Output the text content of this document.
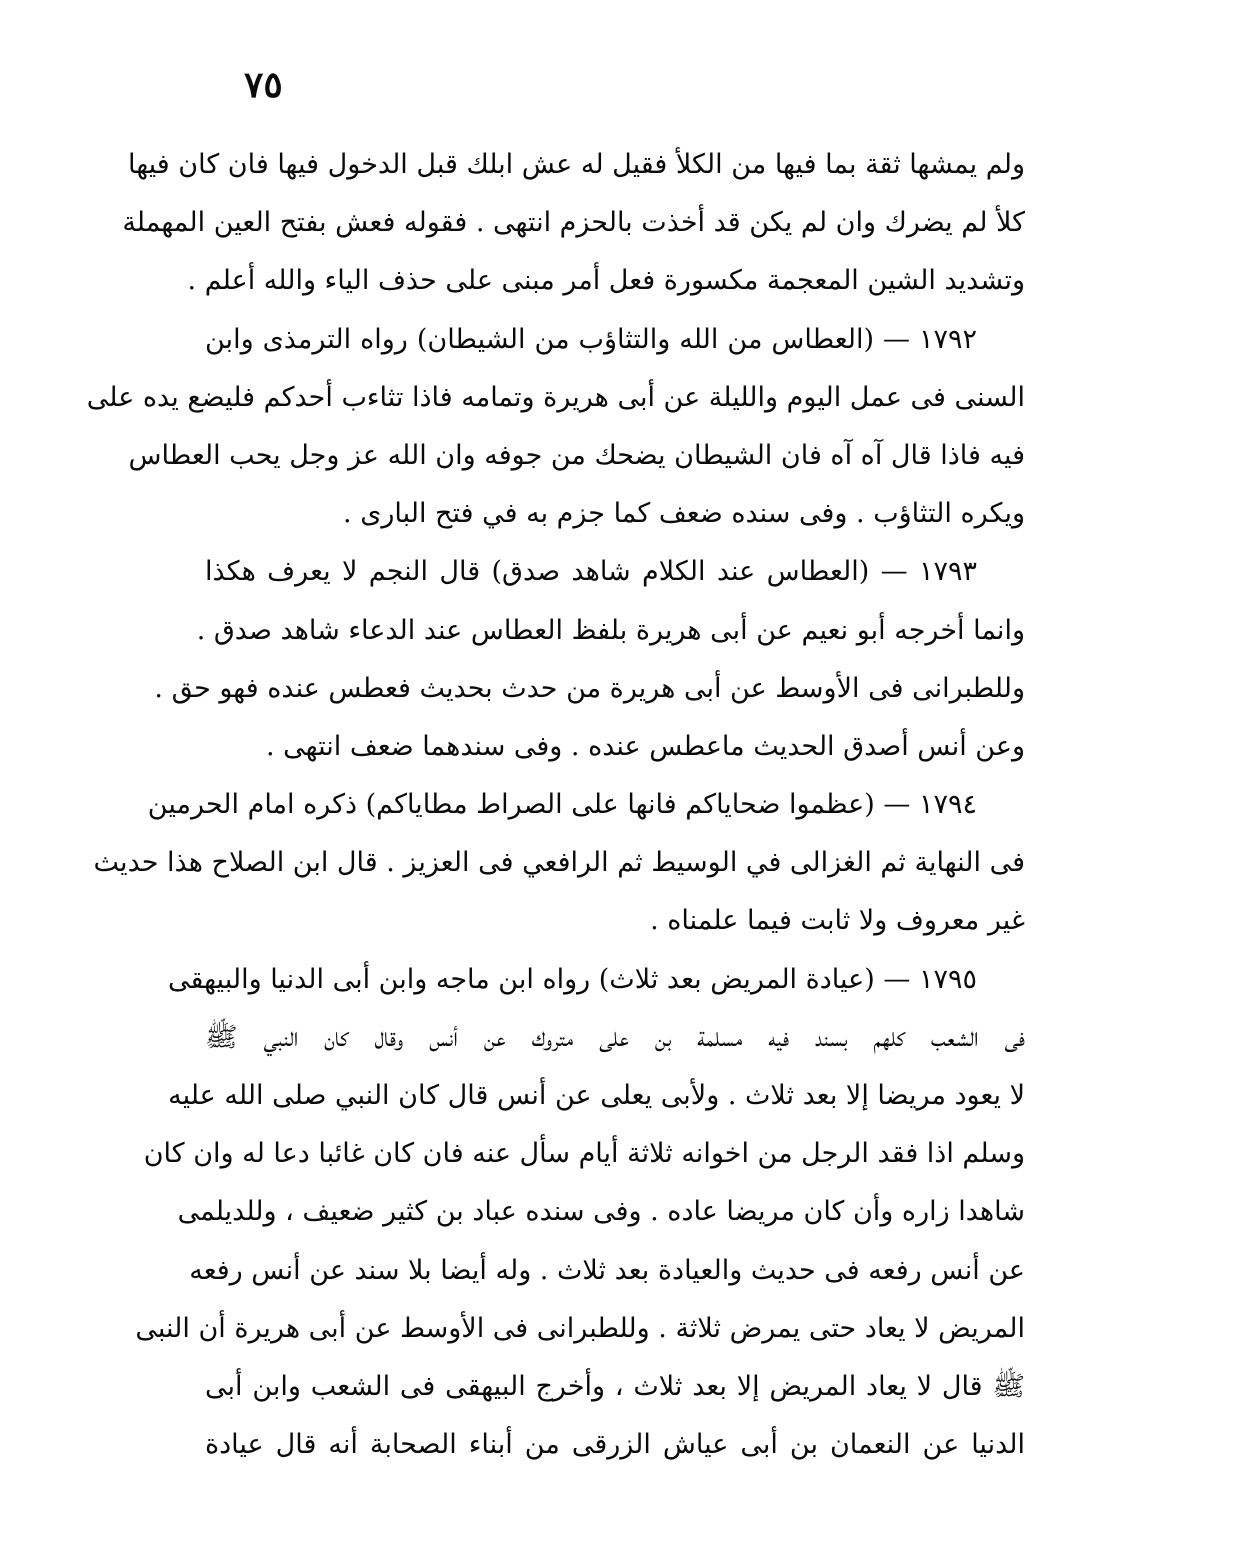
٧٥
ولم يمشها ثقة بما فيها من الكلأ فقيل له عش ابلك قبل الدخول فيها فان كان فيها
كلأ لم يضرك وان لم يكن قد أخذت بالحزم انتهى . فقوله فعش بفتح العين المهملة
وتشديد الشين المعجمة مكسورة فعل أمر مبنى على حذف الياء والله أعلم .
١٧٩٢ — (العطاس من الله والتثاؤب من الشيطان) رواه الترمذى وابن
السنى فى عمل اليوم والليلة عن أبى هريرة وتمامه فاذا تثاءب أحدكم فليضع يده على
فيه فاذا قال آه آه فان الشيطان يضحك من جوفه وان الله عز وجل يحب العطاس
ويكره التثاؤب . وفى سنده ضعف كما جزم به في فتح البارى .
١٧٩٣ — (العطاس عند الكلام شاهد صدق) قال النجم لا يعرف هكذا
وانما أخرجه أبو نعيم عن أبى هريرة بلفظ العطاس عند الدعاء شاهد صدق .
وللطبرانى فى الأوسط عن أبى هريرة من حدث بحديث فعطس عنده فهو حق .
وعن أنس أصدق الحديث ماعطس عنده . وفى سندهما ضعف انتهى .
١٧٩٤ — (عظموا ضحاياكم فانها على الصراط مطاياكم) ذكره امام الحرمين
فى النهاية ثم الغزالى في الوسيط ثم الرافعي فى العزيز . قال ابن الصلاح هذا حديث
غير معروف ولا ثابت فيما علمناه .
١٧٩٥ — (عيادة المريض بعد ثلاث) رواه ابن ماجه وابن أبى الدنيا والبيهقى
فى الشعب كلهم بسند فيه مسلمة بن على متروك عن أنس وقال كان النبي ﷺ
لا يعود مريضا إلا بعد ثلاث . ولأبى يعلى عن أنس قال كان النبي صلى الله عليه
وسلم اذا فقد الرجل من اخوانه ثلاثة أيام سأل عنه فان كان غائبا دعا له وان كان
شاهدا زاره وأن كان مريضا عاده . وفى سنده عباد بن كثير ضعيف ، وللديلمى
عن أنس رفعه فى حديث والعيادة بعد ثلاث . وله أيضا بلا سند عن أنس رفعه
المريض لا يعاد حتى يمرض ثلاثة . وللطبرانى فى الأوسط عن أبى هريرة أن النبى
ﷺ قال لا يعاد المريض إلا بعد ثلاث ، وأخرج البيهقى فى الشعب وابن أبى
الدنيا عن النعمان بن أبى عياش الزرقى من أبناء الصحابة أنه قال عيادة
